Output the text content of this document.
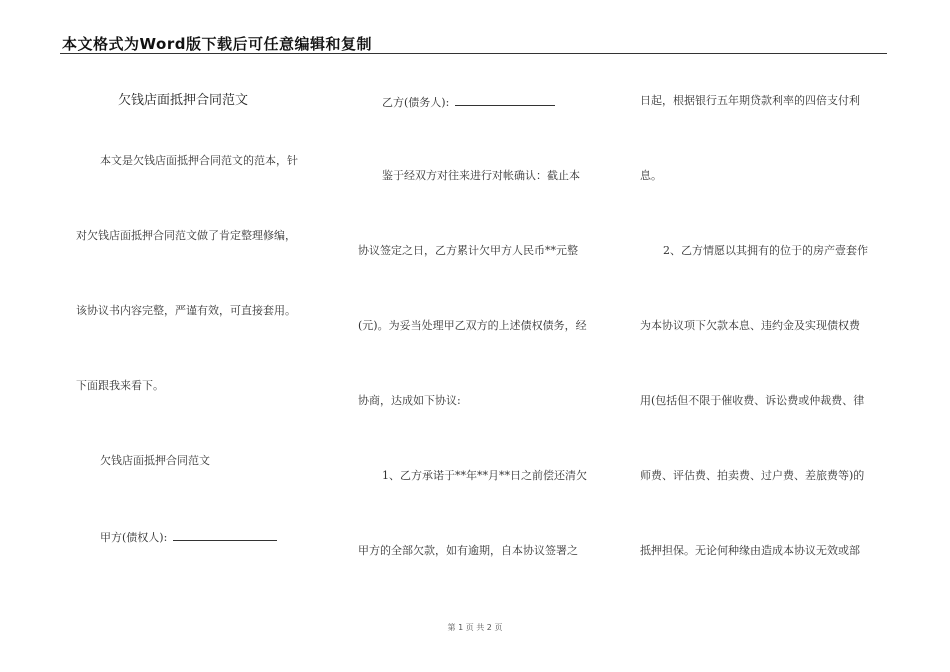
本文格式为Word版下载后可任意编辑和复制
欠钱店面抵押合同范文
本文是欠钱店面抵押合同范文的范本，针
对欠钱店面抵押合同范文做了肯定整理修编，
该协议书内容完整，严谨有效，可直接套用。
下面跟我来看下。
欠钱店面抵押合同范文
甲方(债权人):
乙方(债务人):
鉴于经双方对往来进行对帐确认：截止本
协议签定之日，乙方累计欠甲方人民币**元整
(元)。为妥当处理甲乙双方的上述债权债务，经
协商，达成如下协议:
1、乙方承诺于**年**月**日之前偿还清欠
甲方的全部欠款，如有逾期，自本协议签署之
日起，根据银行五年期贷款利率的四倍支付利
息。
2、乙方情愿以其拥有的位于的房产壹套作
为本协议项下欠款本息、违约金及实现债权费
用(包括但不限于催收费、诉讼费或仲裁费、律
师费、评估费、拍卖费、过户费、差旅费等)的
抵押担保。无论何种缘由造成本协议无效或部
第 1 页 共 2 页
